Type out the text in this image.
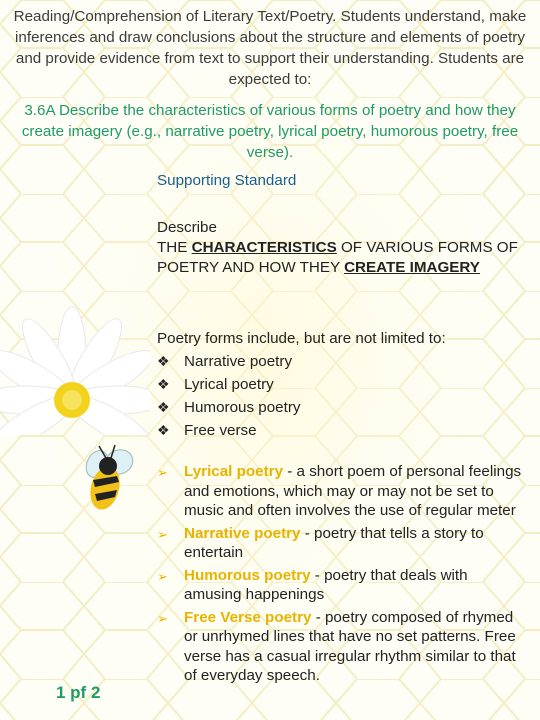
Reading/Comprehension of Literary Text/Poetry. Students understand, make inferences and draw conclusions about the structure and elements of poetry and provide evidence from text to support their understanding. Students are expected to:
3.6A Describe the characteristics of various forms of poetry and how they create imagery (e.g., narrative poetry, lyrical poetry, humorous poetry, free verse).
Supporting Standard
Describe
THE CHARACTERISTICS OF VARIOUS FORMS OF POETRY AND HOW THEY CREATE IMAGERY
Poetry forms include, but are not limited to:
❖ Narrative poetry
❖ Lyrical poetry
❖ Humorous poetry
❖ Free verse
➢	Lyrical poetry - a short poem of personal feelings and emotions, which may or may not be set to music and often involves the use of regular meter
➢	Narrative poetry - poetry that tells a story to entertain
➢	Humorous poetry - poetry that deals with amusing happenings
➢	Free Verse poetry - poetry composed of rhymed or unrhymed lines that have no set patterns. Free verse has a casual irregular rhythm similar to that of everyday speech.
1 pf 2
